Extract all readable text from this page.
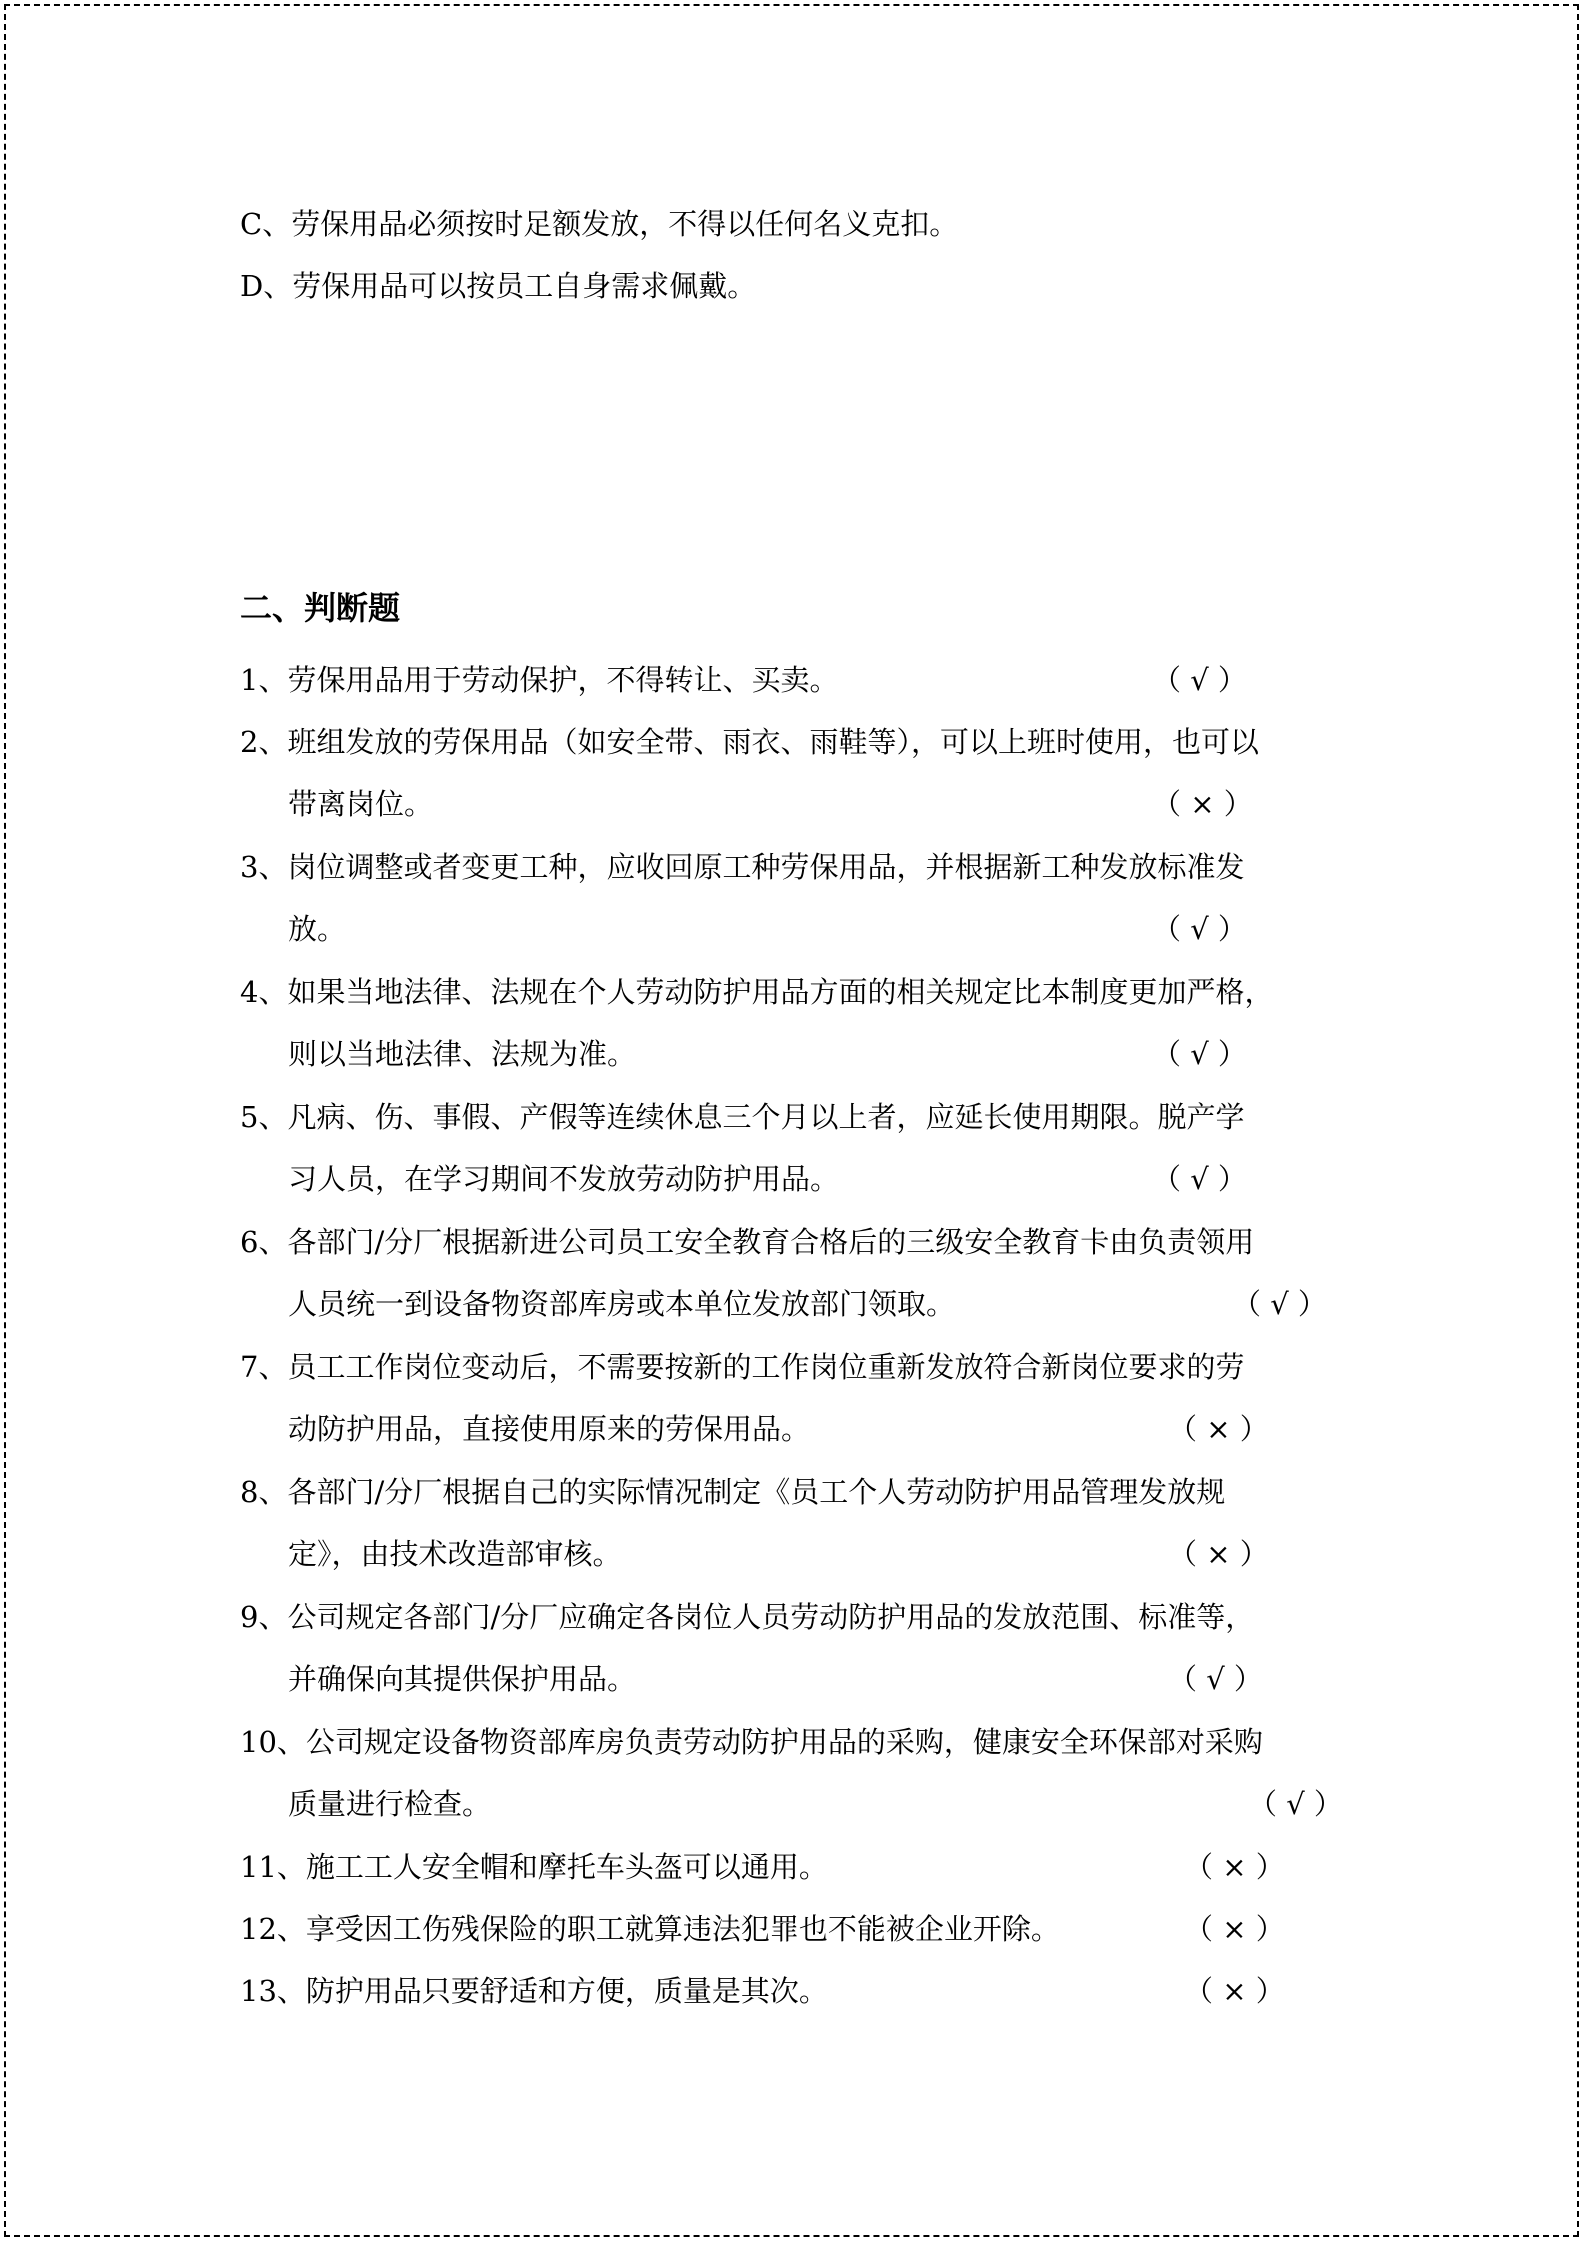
C、劳保用品必须按时足额发放，不得以任何名义克扣。
D、劳保用品可以按员工自身需求佩戴。
二、判断题
1、劳保用品用于劳动保护，不得转让、买卖。	（ √ ）
2、班组发放的劳保用品（如安全带、雨衣、雨鞋等），可以上班时使用，也可以
带离岗位。	（ × ）
3、岗位调整或者变更工种，应收回原工种劳保用品，并根据新工种发放标准发
放。	（ √ ）
4、如果当地法律、法规在个人劳动防护用品方面的相关规定比本制度更加严格，
则以当地法律、法规为准。	（ √ ）
5、凡病、伤、事假、产假等连续休息三个月以上者，应延长使用期限。脱产学
习人员，在学习期间不发放劳动防护用品。	（ √ ）
6、各部门/分厂根据新进公司员工安全教育合格后的三级安全教育卡由负责领用
人员统一到设备物资部库房或本单位发放部门领取。	（ √ ）
7、员工工作岗位变动后，不需要按新的工作岗位重新发放符合新岗位要求的劳
动防护用品，直接使用原来的劳保用品。	（ × ）
8、各部门/分厂根据自己的实际情况制定《员工个人劳动防护用品管理发放规
定》，由技术改造部审核。	（ × ）
9、公司规定各部门/分厂应确定各岗位人员劳动防护用品的发放范围、标准等，
并确保向其提供保护用品。	（ √ ）
10、公司规定设备物资部库房负责劳动防护用品的采购，健康安全环保部对采购
质量进行检查。	（ √ ）
11、施工工人安全帽和摩托车头盔可以通用。	（ × ）
12、享受因工伤残保险的职工就算违法犯罪也不能被企业开除。	（ × ）
13、防护用品只要舒适和方便，质量是其次。	（ × ）
